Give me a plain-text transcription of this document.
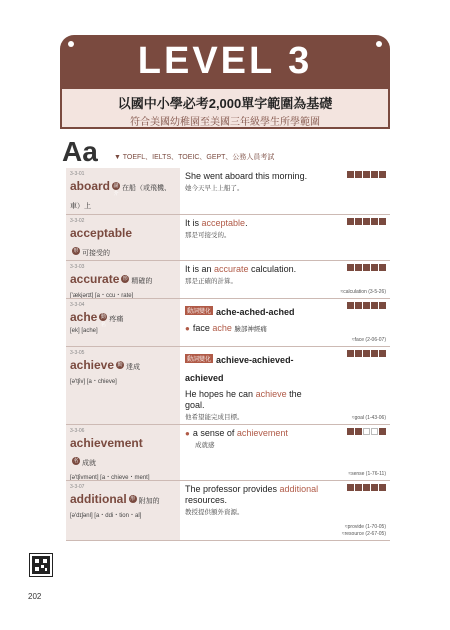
LEVEL 3
以國中小學必考2,000單字範圍為基礎
符合美國幼稚園至美國三年級學生所學範圍
Aa ▼ TOEFL、IELTS、TOEIC、GEPT、公務人員考試
3-3-01
aboard 副 介在船（或飛機、車）上
She went aboard this morning.
她今天早上上船了。
3-3-02
acceptable
形 可接受的
It is acceptable.
那是可接受的。
3-3-03
accurate 形 精確的
['ækjərɪt] [a・ccu・rate]
It is an accurate calculation.
那是正確的計算。
≈calculation (3-5-26)
3-3-04
ache 動 名疼痛
[ek] [ache]
動詞變化 ache-ached-ached
● face ache 臉部神經痛
≈face (2-06-07)
3-3-05
achieve 動 達成
[ə'tʃiv] [a・chieve]
動詞變化 achieve-achieved-achieved
He hopes he can achieve the goal.
他希望能完成目標。	≈goal (1-43-06)
3-3-06
achievement
名 成就
[ə'tʃivmənt] [a・chieve・ment]
● a sense of achievement
成就感
≈sense (1-76-11)
3-3-07
additional 形 附加的
[ə'dɪʃənl] [a・ddi・tion・al]
The professor provides additional resources.
教授提供額外資源。
≈provide (1-70-05)
≈resource (2-67-05)
202
